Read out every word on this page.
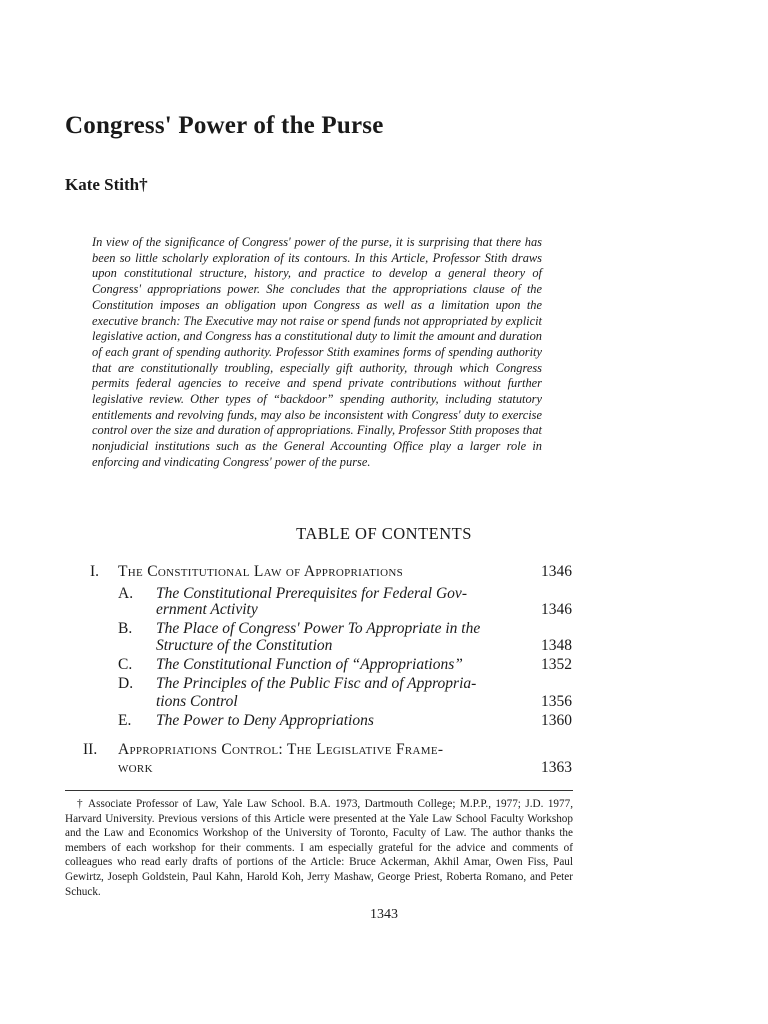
Congress' Power of the Purse
Kate Stith†

In view of the significance of Congress' power of the purse, it is surprising that there has been so little scholarly exploration of its contours. In this Article, Professor Stith draws upon constitutional structure, history, and practice to develop a general theory of Congress' appropriations power. She concludes that the appropriations clause of the Constitution imposes an obligation upon Congress as well as a limitation upon the executive branch: The Executive may not raise or spend funds not appropriated by explicit legislative action, and Congress has a constitutional duty to limit the amount and duration of each grant of spending authority. Professor Stith examines forms of spending authority that are constitutionally troubling, especially gift authority, through which Congress permits federal agencies to receive and spend private contributions without further legislative review. Other types of “backdoor” spending authority, including statutory entitlements and revolving funds, may also be inconsistent with Congress' duty to exercise control over the size and duration of appropriations. Finally, Professor Stith proposes that nonjudicial institutions such as the General Accounting Office play a larger role in enforcing and vindicating Congress' power of the purse.

TABLE OF CONTENTS
I. The Constitutional Law of Appropriations	1346
A. The Constitutional Prerequisites for Federal Gov-
ernment Activity	1346
B. The Place of Congress' Power To Appropriate in the
Structure of the Constitution	1348
C. The Constitutional Function of “Appropriations”	1352
D. The Principles of the Public Fisc and of Appropria-
tions Control	1356
E. The Power to Deny Appropriations	1360
II. Appropriations Control: The Legislative Frame-
work	1363

† Associate Professor of Law, Yale Law School. B.A. 1973, Dartmouth College; M.P.P., 1977; J.D. 1977, Harvard University. Previous versions of this Article were presented at the Yale Law School Faculty Workshop and the Law and Economics Workshop of the University of Toronto, Faculty of Law. The author thanks the members of each workshop for their comments. I am especially grateful for the advice and comments of colleagues who read early drafts of portions of the Article: Bruce Ackerman, Akhil Amar, Owen Fiss, Paul Gewirtz, Joseph Goldstein, Paul Kahn, Harold Koh, Jerry Mashaw, George Priest, Roberta Romano, and Peter Schuck.

1343
